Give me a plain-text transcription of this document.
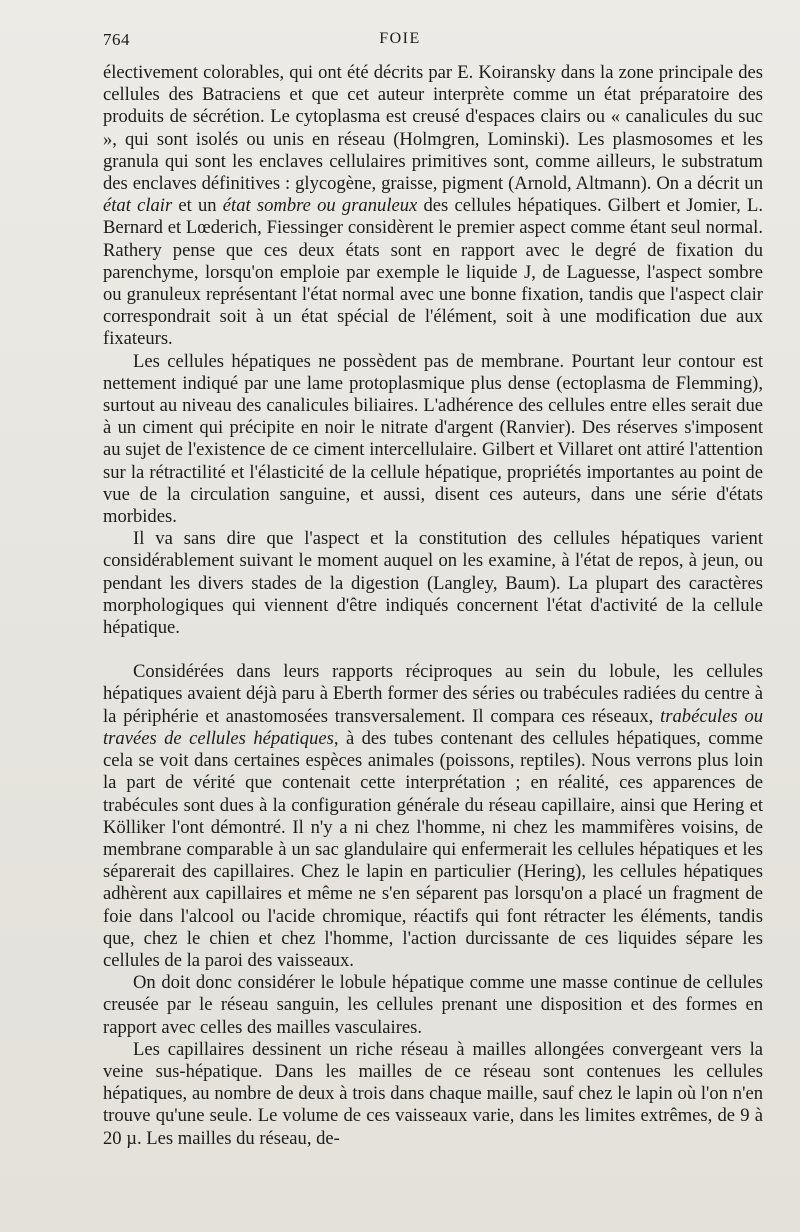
764	FOIE

électivement colorables, qui ont été décrits par E. Koiransky dans la zone principale des cellules des Batraciens et que cet auteur interprète comme un état préparatoire des produits de sécrétion. Le cytoplasma est creusé d'espaces clairs ou « canalicules du suc », qui sont isolés ou unis en réseau (Holmgren, Lominski). Les plasmosomes et les granula qui sont les enclaves cellulaires primitives sont, comme ailleurs, le substratum des enclaves définitives : glycogène, graisse, pigment (Arnold, Altmann). On a décrit un état clair et un état sombre ou granuleux des cellules hépatiques. Gilbert et Jomier, L. Bernard et Lœderich, Fiessinger considèrent le premier aspect comme étant seul normal. Rathery pense que ces deux états sont en rapport avec le degré de fixation du parenchyme, lorsqu'on emploie par exemple le liquide J, de Laguesse, l'aspect sombre ou granuleux représentant l'état normal avec une bonne fixation, tandis que l'aspect clair correspondrait soit à un état spécial de l'élément, soit à une modification due aux fixateurs.

Les cellules hépatiques ne possèdent pas de membrane. Pourtant leur contour est nettement indiqué par une lame protoplasmique plus dense (ectoplasma de Flemming), surtout au niveau des canalicules biliaires. L'adhérence des cellules entre elles serait due à un ciment qui précipite en noir le nitrate d'argent (Ranvier). Des réserves s'imposent au sujet de l'existence de ce ciment intercellulaire. Gilbert et Villaret ont attiré l'attention sur la rétractilité et l'élasticité de la cellule hépatique, propriétés importantes au point de vue de la circulation sanguine, et aussi, disent ces auteurs, dans une série d'états morbides.

Il va sans dire que l'aspect et la constitution des cellules hépatiques varient considérablement suivant le moment auquel on les examine, à l'état de repos, à jeun, ou pendant les divers stades de la digestion (Langley, Baum). La plupart des caractères morphologiques qui viennent d'être indiqués concernent l'état d'activité de la cellule hépatique.

Considérées dans leurs rapports réciproques au sein du lobule, les cellules hépatiques avaient déjà paru à Eberth former des séries ou trabécules radiées du centre à la périphérie et anastomosées transversalement. Il compara ces réseaux, trabécules ou travées de cellules hépatiques, à des tubes contenant des cellules hépatiques, comme cela se voit dans certaines espèces animales (poissons, reptiles). Nous verrons plus loin la part de vérité que contenait cette interprétation ; en réalité, ces apparences de trabécules sont dues à la configuration générale du réseau capillaire, ainsi que Hering et Kölliker l'ont démontré. Il n'y a ni chez l'homme, ni chez les mammifères voisins, de membrane comparable à un sac glandulaire qui enfermerait les cellules hépatiques et les séparerait des capillaires. Chez le lapin en particulier (Hering), les cellules hépatiques adhèrent aux capillaires et même ne s'en séparent pas lorsqu'on a placé un fragment de foie dans l'alcool ou l'acide chromique, réactifs qui font rétracter les éléments, tandis que, chez le chien et chez l'homme, l'action durcissante de ces liquides sépare les cellules de la paroi des vaisseaux.

On doit donc considérer le lobule hépatique comme une masse continue de cellules creusée par le réseau sanguin, les cellules prenant une disposition et des formes en rapport avec celles des mailles vasculaires.

Les capillaires dessinent un riche réseau à mailles allongées convergeant vers la veine sus-hépatique. Dans les mailles de ce réseau sont contenues les cellules hépatiques, au nombre de deux à trois dans chaque maille, sauf chez le lapin où l'on n'en trouve qu'une seule. Le volume de ces vaisseaux varie, dans les limites extrêmes, de 9 à 20 µ. Les mailles du réseau, de-
